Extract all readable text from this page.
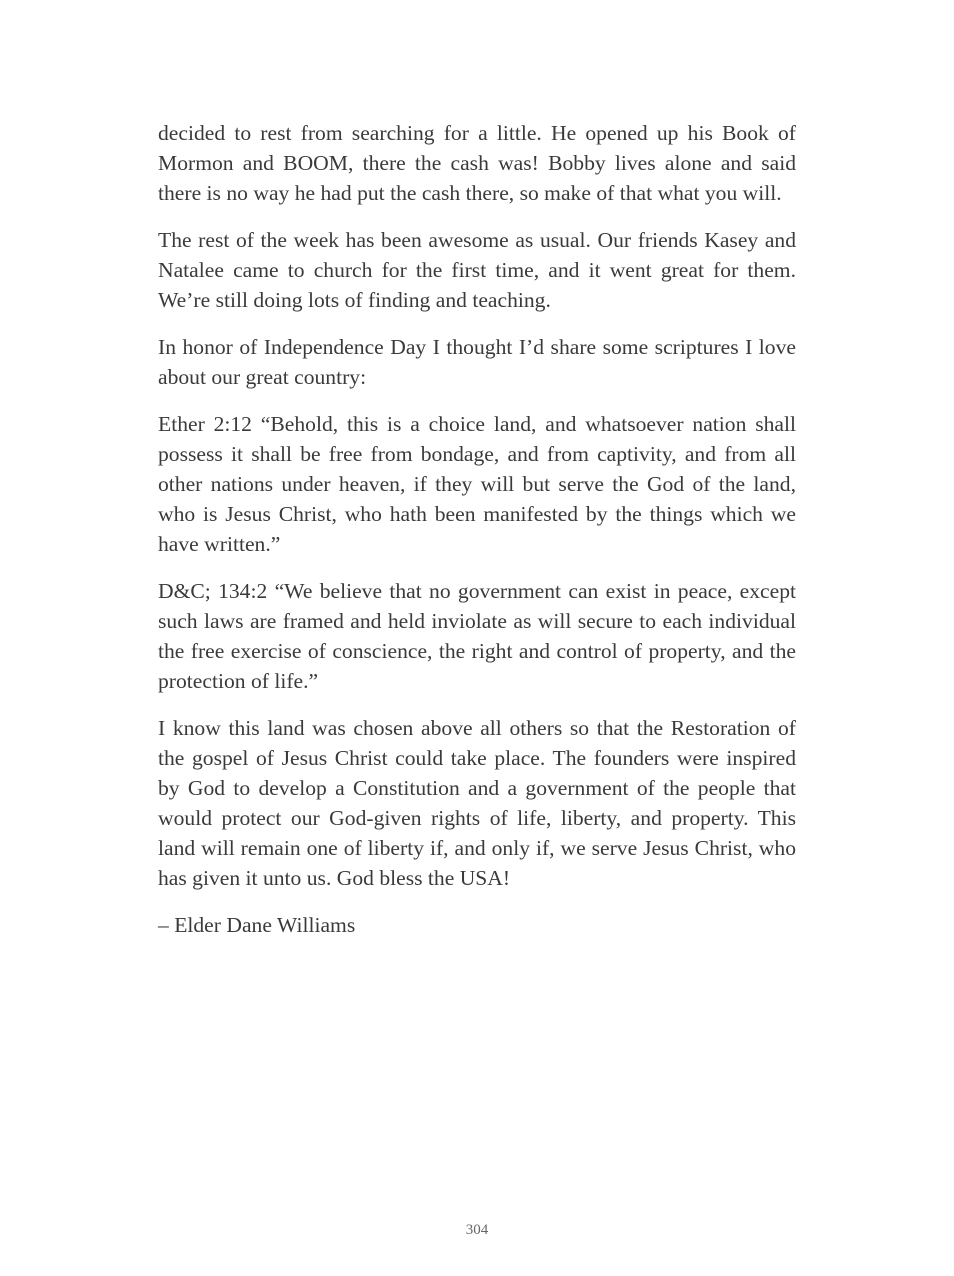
decided to rest from searching for a little. He opened up his Book of Mormon and BOOM, there the cash was! Bobby lives alone and said there is no way he had put the cash there, so make of that what you will.

The rest of the week has been awesome as usual. Our friends Kasey and Natalee came to church for the first time, and it went great for them. We’re still doing lots of finding and teaching.

In honor of Independence Day I thought I’d share some scriptures I love about our great country:

Ether 2:12 “Behold, this is a choice land, and whatsoever nation shall possess it shall be free from bondage, and from captivity, and from all other nations under heaven, if they will but serve the God of the land, who is Jesus Christ, who hath been manifested by the things which we have written.”

D&C; 134:2 “We believe that no government can exist in peace, except such laws are framed and held inviolate as will secure to each individual the free exercise of conscience, the right and control of property, and the protection of life.”

I know this land was chosen above all others so that the Restoration of the gospel of Jesus Christ could take place. The founders were inspired by God to develop a Constitution and a government of the people that would protect our God-given rights of life, liberty, and property. This land will remain one of liberty if, and only if, we serve Jesus Christ, who has given it unto us. God bless the USA!

– Elder Dane Williams

304
